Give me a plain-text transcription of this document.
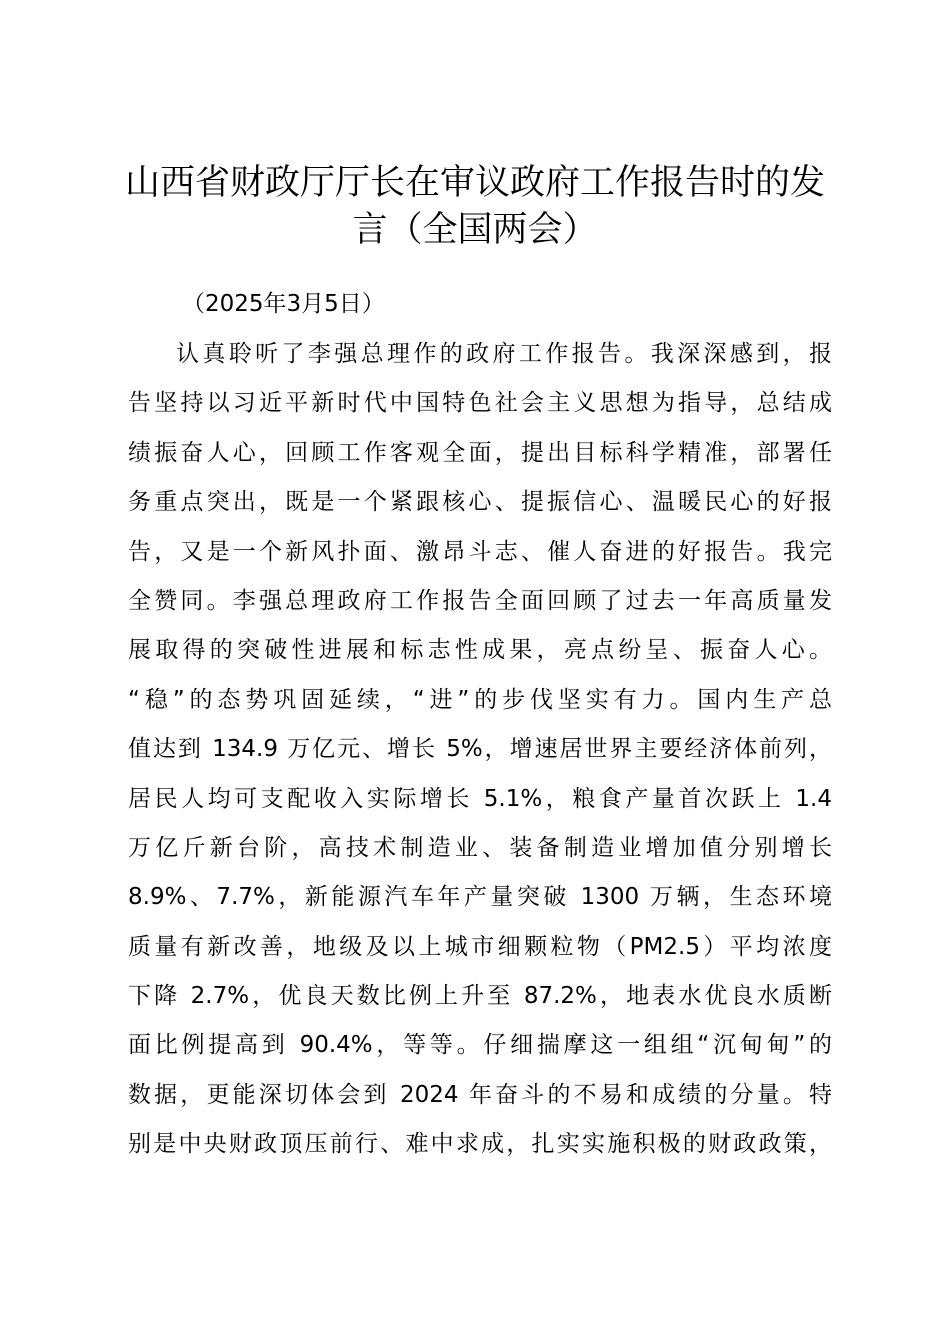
山西省财政厅厅长在审议政府工作报告时的发言（全国两会）

（2025年3月5日）

认真聆听了李强总理作的政府工作报告。我深深感到，报
告坚持以习近平新时代中国特色社会主义思想为指导，总结成
绩振奋人心，回顾工作客观全面，提出目标科学精准，部署任
务重点突出，既是一个紧跟核心、提振信心、温暖民心的好报
告，又是一个新风扑面、激昂斗志、催人奋进的好报告。我完
全赞同。李强总理政府工作报告全面回顾了过去一年高质量发
展取得的突破性进展和标志性成果，亮点纷呈、振奋人心。
“稳”的态势巩固延续，“进”的步伐坚实有力。国内生产总
值达到 134.9 万亿元、增长 5%，增速居世界主要经济体前列，
居民人均可支配收入实际增长 5.1%，粮食产量首次跃上 1.4
万亿斤新台阶，高技术制造业、装备制造业增加值分别增长
8.9%、7.7%，新能源汽车年产量突破 1300 万辆，生态环境
质量有新改善，地级及以上城市细颗粒物（PM2.5）平均浓度
下降 2.7%，优良天数比例上升至 87.2%，地表水优良水质断
面比例提高到 90.4%，等等。仔细揣摩这一组组“沉甸甸”的
数据，更能深切体会到 2024 年奋斗的不易和成绩的分量。特
别是中央财政顶压前行、难中求成，扎实实施积极的财政政策，
